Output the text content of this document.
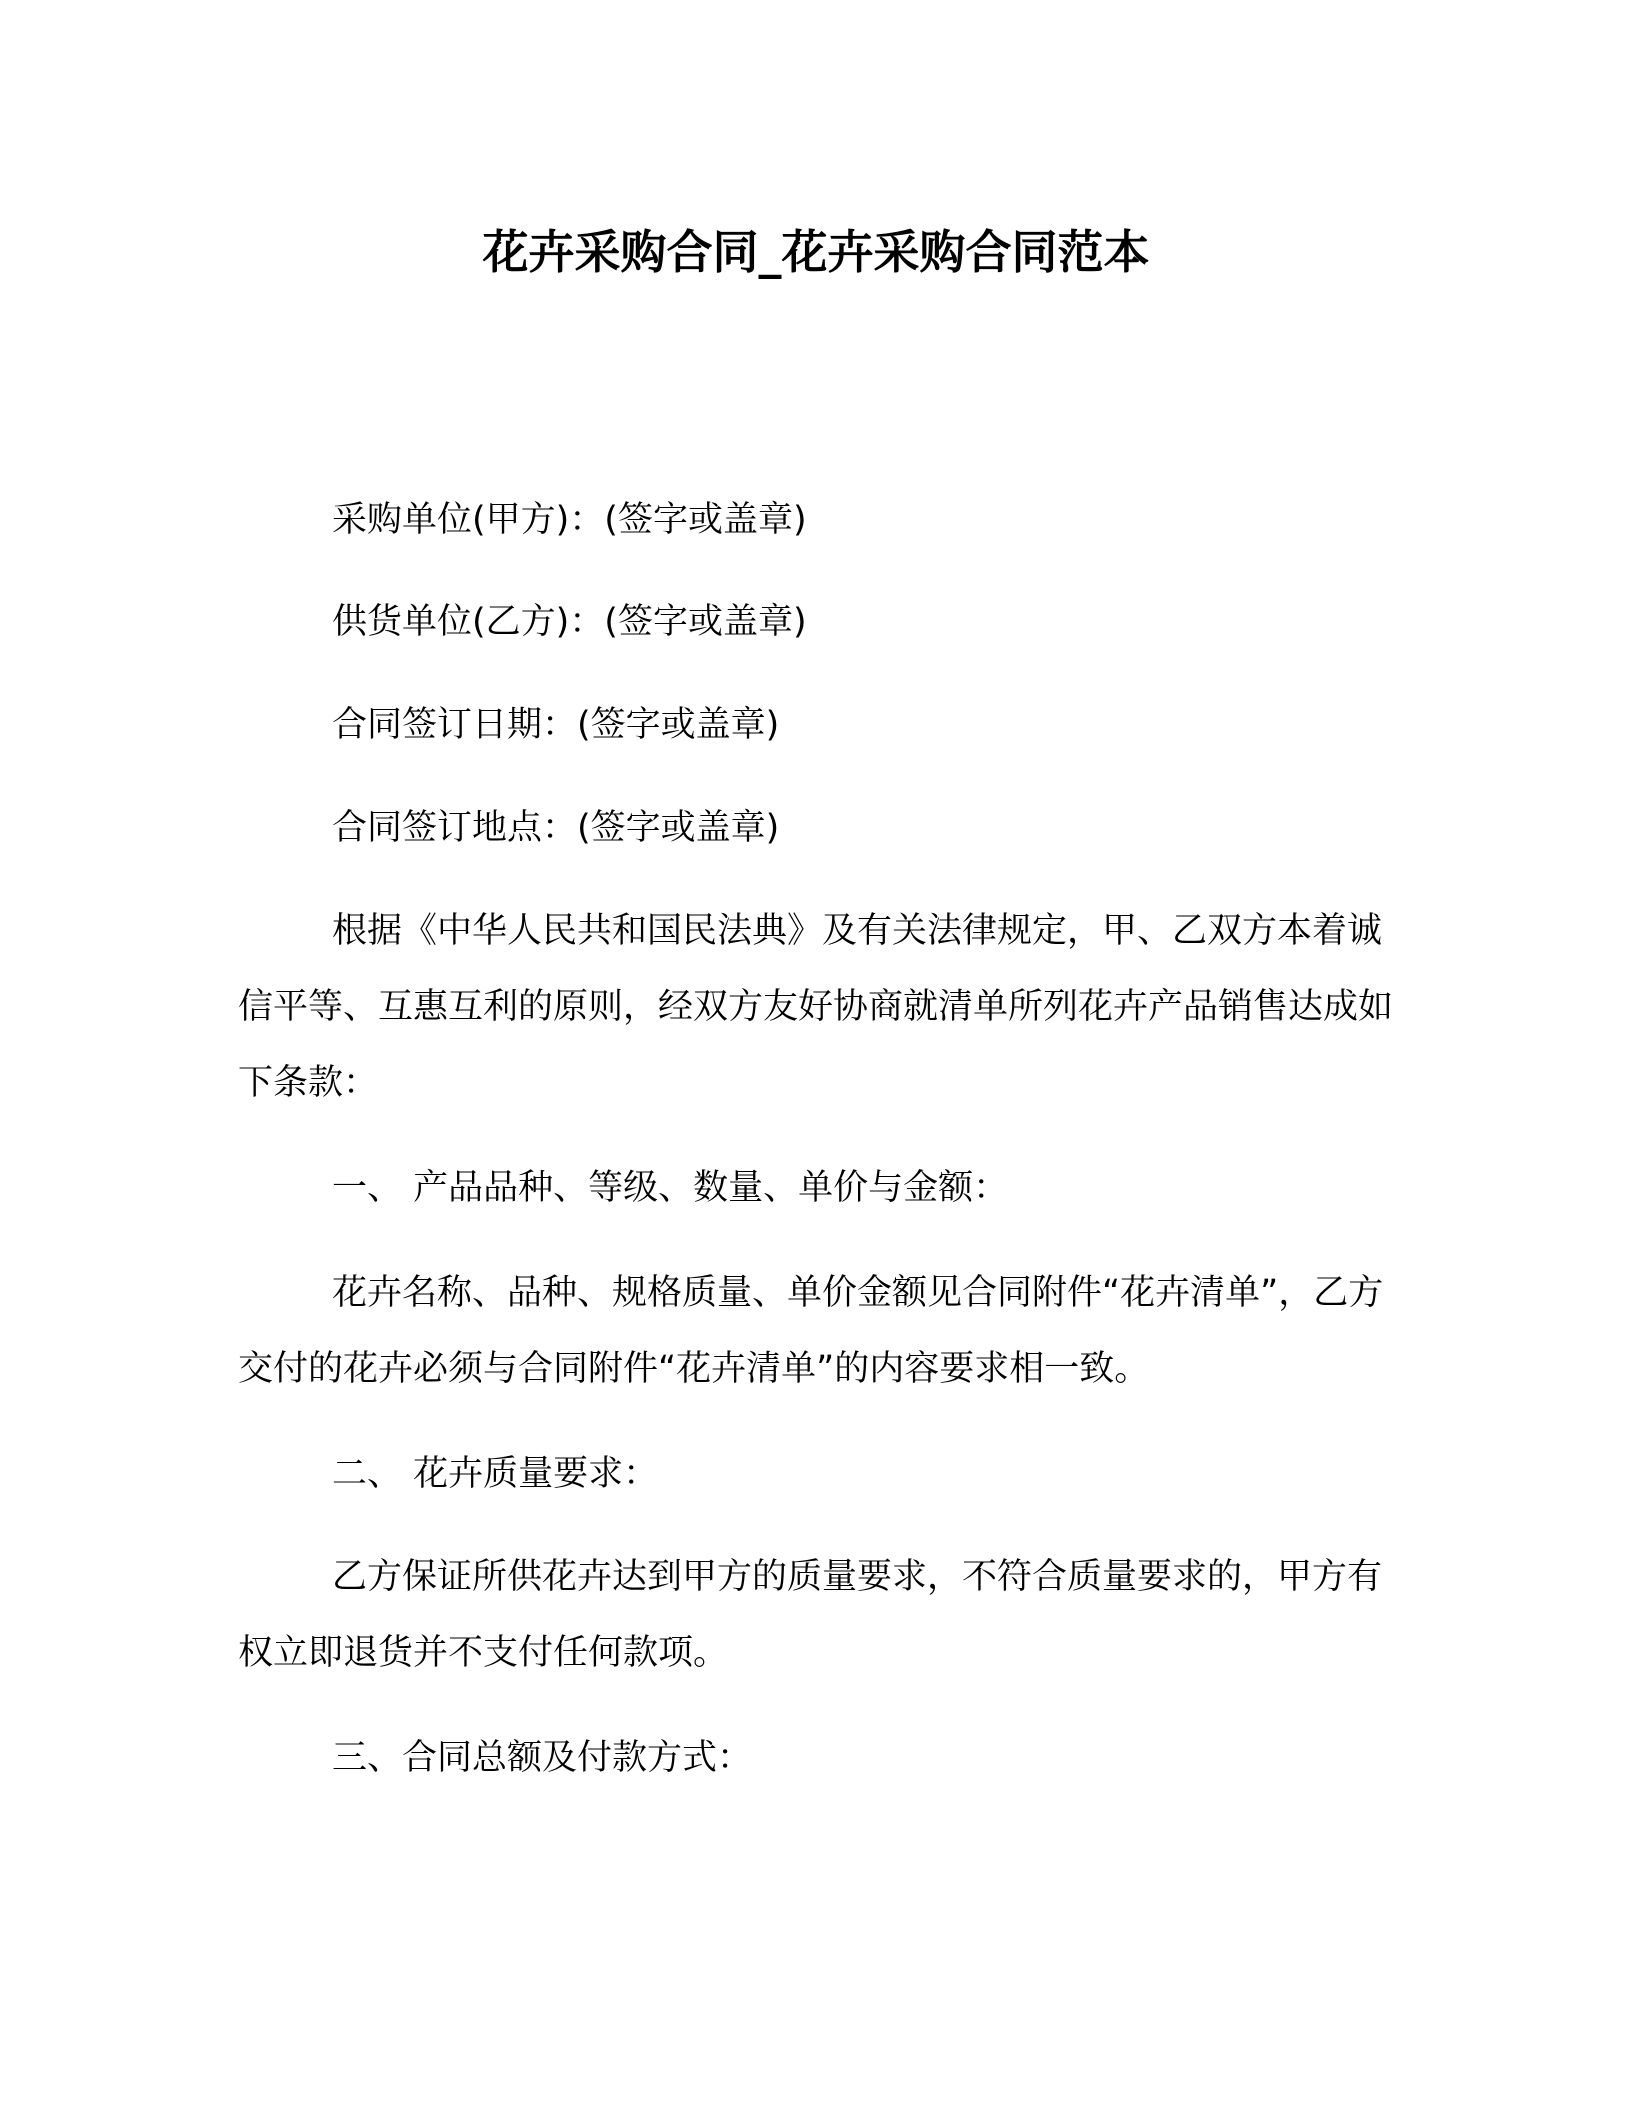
花卉采购合同_花卉采购合同范本
采购单位(甲方)：(签字或盖章)
供货单位(乙方)：(签字或盖章)
合同签订日期：(签字或盖章)
合同签订地点：(签字或盖章)
根据《中华人民共和国民法典》及有关法律规定，甲、乙双方本着诚信平等、互惠互利的原则，经双方友好协商就清单所列花卉产品销售达成如下条款：
一、 产品品种、等级、数量、单价与金额：
花卉名称、品种、规格质量、单价金额见合同附件“花卉清单”，乙方交付的花卉必须与合同附件“花卉清单”的内容要求相一致。
二、 花卉质量要求：
乙方保证所供花卉达到甲方的质量要求，不符合质量要求的，甲方有权立即退货并不支付任何款项。
三、合同总额及付款方式：
